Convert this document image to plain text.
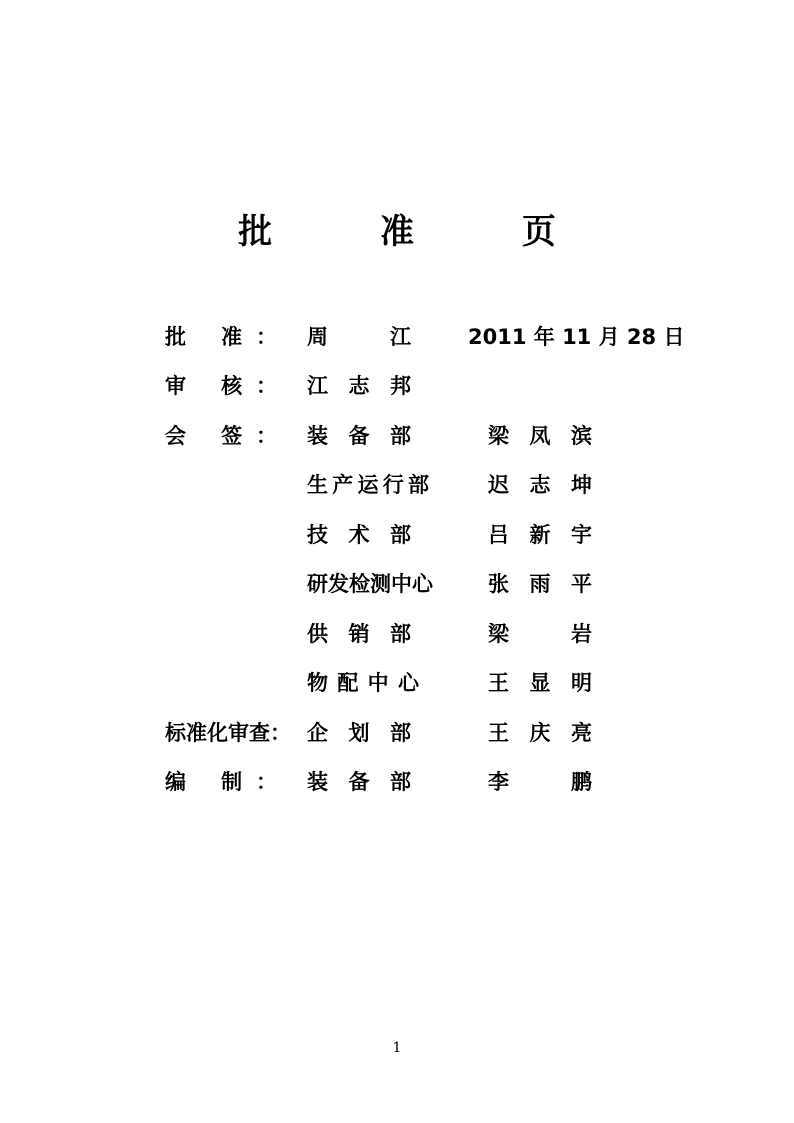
批 准 页
批 准： 周 江	2011 年 11 月 28 日
审 核： 江 志 邦
会 签： 装 备 部	梁 凤 滨
生产运行部	迟 志 坤
技 术 部	吕 新 宇
研发检测中心	张 雨 平
供 销 部	梁 岩
物 配 中 心	王 显 明
标准化审查： 企 划 部	王 庆 亮
编 制： 装 备 部	李 鹏
1
